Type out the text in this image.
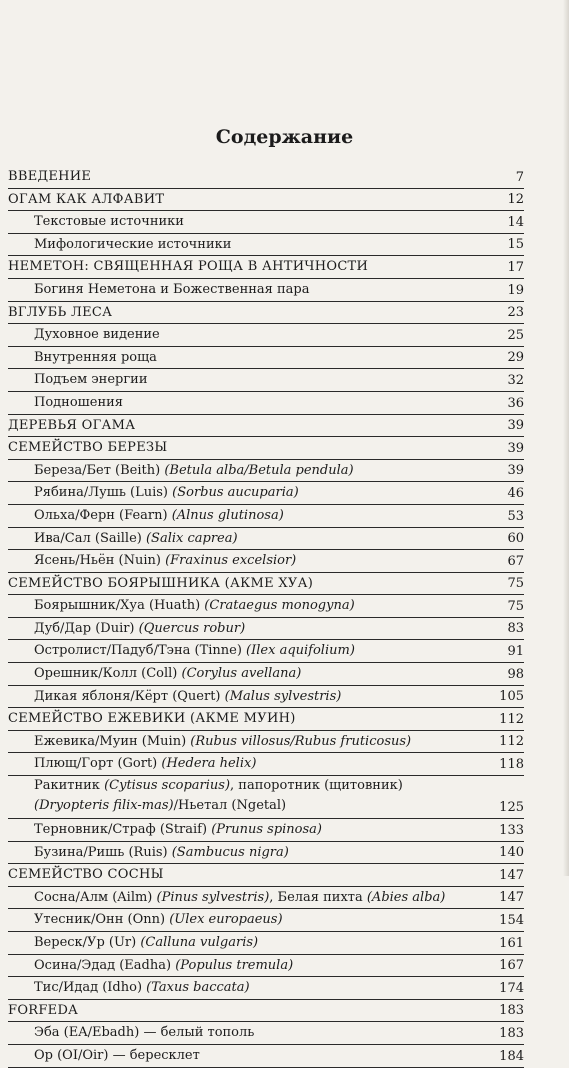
Содержание
ВВЕДЕНИЕ	7
ОГАМ КАК АЛФАВИТ	12
Текстовые источники	14
Мифологические источники	15
НЕМЕТОН: СВЯЩЕННАЯ РОЩА В АНТИЧНОСТИ	17
Богиня Неметона и Божественная пара	19
ВГЛУБЬ ЛЕСА	23
Духовное видение	25
Внутренняя роща	29
Подъем энергии	32
Подношения	36
ДЕРЕВЬЯ ОГАМА	39
СЕМЕЙСТВО БЕРЕЗЫ	39
Береза/Бет (Beith) (Betula alba/Betula pendula)	39
Рябина/Лушь (Luis) (Sorbus aucuparia)	46
Ольха/Ферн (Fearn) (Alnus glutinosa)	53
Ива/Сал (Saille) (Salix caprea)	60
Ясень/Ньён (Nuin) (Fraxinus excelsior)	67
СЕМЕЙСТВО БОЯРЫШНИКА (АКМЕ ХУА)	75
Боярышник/Хуа (Huath) (Crataegus monogyna)	75
Дуб/Дар (Duir) (Quercus robur)	83
Остролист/Падуб/Тэна (Tinne) (Ilex aquifolium)	91
Орешник/Колл (Coll) (Corylus avellana)	98
Дикая яблоня/Кёрт (Quert) (Malus sylvestris)	105
СЕМЕЙСТВО ЕЖЕВИКИ (АКМЕ МУИН)	112
Ежевика/Муин (Muin) (Rubus villosus/Rubus fruticosus)	112
Плющ/Горт (Gort) (Hedera helix)	118
Ракитник (Cytisus scoparius), папоротник (щитовник) (Dryopteris filix-mas)/Ньетал (Ngetal)	125
Терновник/Страф (Straif) (Prunus spinosa)	133
Бузина/Ришь (Ruis) (Sambucus nigra)	140
СЕМЕЙСТВО СОСНЫ	147
Сосна/Алм (Ailm) (Pinus sylvestris), Белая пихта (Abies alba)	147
Утесник/Онн (Onn) (Ulex europaeus)	154
Вереск/Ур (Ur) (Calluna vulgaris)	161
Осина/Эдад (Eadha) (Populus tremula)	167
Тис/Идад (Idho) (Taxus baccata)	174
FORFEDA	183
Эба (EA/Ebadh) — белый тополь	183
Ор (OI/Oir) — бересклет	184
